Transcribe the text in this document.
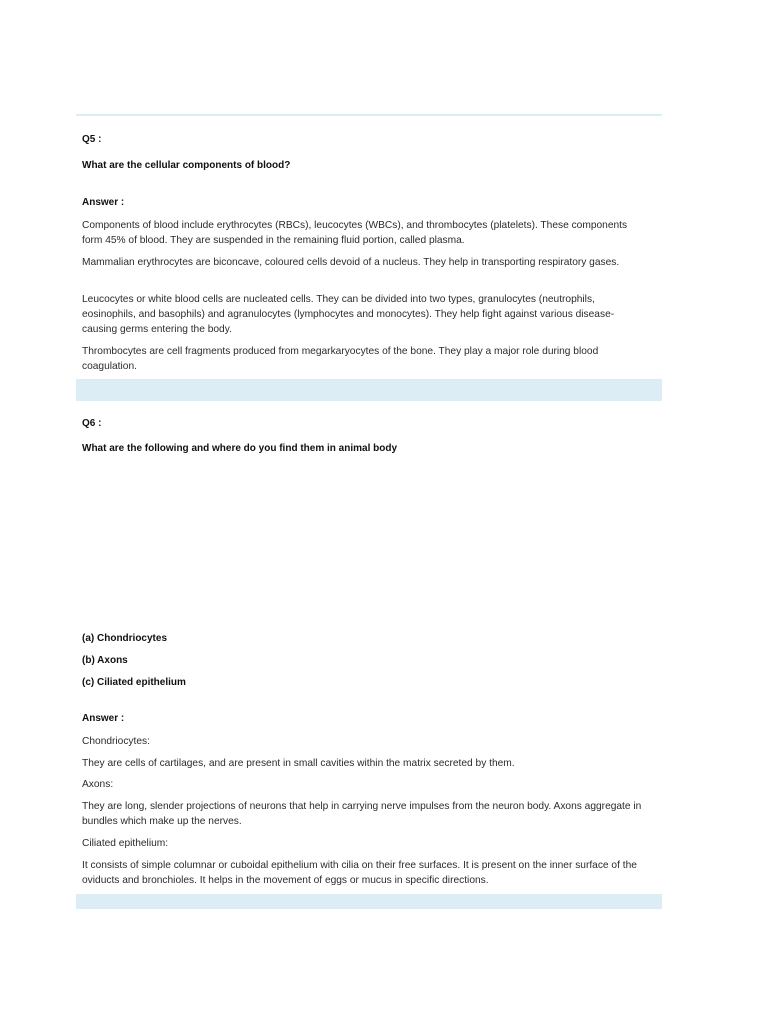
Q5 :

What are the cellular components of blood?

Answer :

Components of blood include erythrocytes (RBCs), leucocytes (WBCs), and thrombocytes (platelets). These components form 45% of blood. They are suspended in the remaining fluid portion, called plasma.

Mammalian erythrocytes are biconcave, coloured cells devoid of a nucleus. They help in transporting respiratory gases.

Leucocytes or white blood cells are nucleated cells. They can be divided into two types, granulocytes (neutrophils, eosinophils, and basophils) and agranulocytes (lymphocytes and monocytes). They help fight against various disease-causing germs entering the body.

Thrombocytes are cell fragments produced from megarkaryocytes of the bone. They play a major role during blood coagulation.

Q6 :

What are the following and where do you find them in animal body

(a) Chondriocytes

(b) Axons

(c) Ciliated epithelium

Answer :

Chondriocytes:

They are cells of cartilages, and are present in small cavities within the matrix secreted by them.

Axons:

They are long, slender projections of neurons that help in carrying nerve impulses from the neuron body. Axons aggregate in bundles which make up the nerves.

Ciliated epithelium:

It consists of simple columnar or cuboidal epithelium with cilia on their free surfaces. It is present on the inner surface of the oviducts and bronchioles. It helps in the movement of eggs or mucus in specific directions.
